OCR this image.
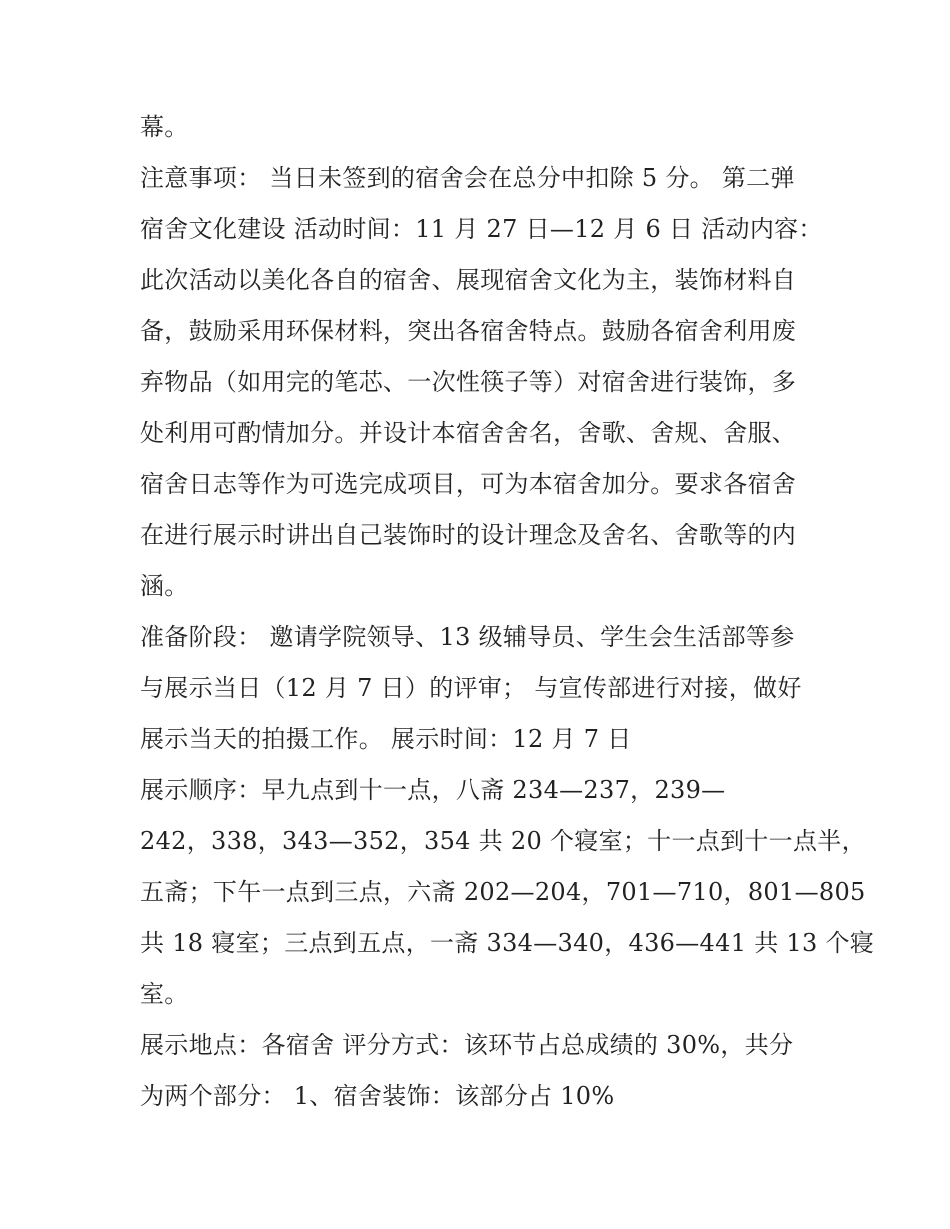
幕。
注意事项： 当日未签到的宿舍会在总分中扣除 5 分。 第二弹
宿舍文化建设 活动时间：11 月 27 日—12 月 6 日 活动内容：
此次活动以美化各自的宿舍、展现宿舍文化为主，装饰材料自
备，鼓励采用环保材料，突出各宿舍特点。鼓励各宿舍利用废
弃物品（如用完的笔芯、一次性筷子等）对宿舍进行装饰，多
处利用可酌情加分。并设计本宿舍舍名，舍歌、舍规、舍服、
宿舍日志等作为可选完成项目，可为本宿舍加分。要求各宿舍
在进行展示时讲出自己装饰时的设计理念及舍名、舍歌等的内
涵。
准备阶段： 邀请学院领导、13 级辅导员、学生会生活部等参
与展示当日（12 月 7 日）的评审； 与宣传部进行对接，做好
展示当天的拍摄工作。 展示时间：12 月 7 日
展示顺序：早九点到十一点，八斋 234—237，239—
242，338，343—352，354 共 20 个寝室；十一点到十一点半，
五斋；下午一点到三点，六斋 202—204，701—710，801—805
共 18 寝室；三点到五点，一斋 334—340，436—441 共 13 个寝
室。
展示地点：各宿舍 评分方式：该环节占总成绩的 30%，共分
为两个部分： 1、宿舍装饰：该部分占 10%
